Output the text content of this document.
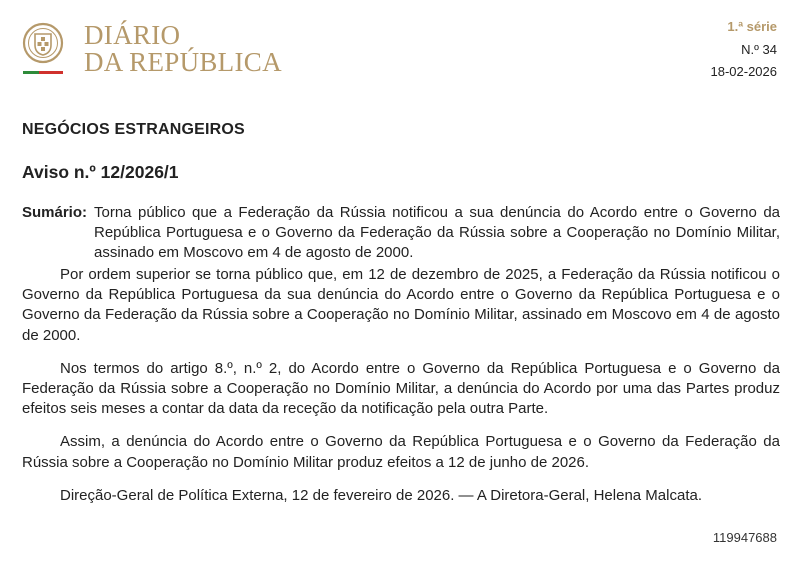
DIÁRIO
DA REPÚBLICA
1.ª série
N.º 34
18-02-2026
NEGÓCIOS ESTRANGEIROS
Aviso n.º 12/2026/1
Sumário: Torna público que a Federação da Rússia notificou a sua denúncia do Acordo entre o Governo da República Portuguesa e o Governo da Federação da Rússia sobre a Cooperação no Domínio Militar, assinado em Moscovo em 4 de agosto de 2000.

Por ordem superior se torna público que, em 12 de dezembro de 2025, a Federação da Rússia notificou o Governo da República Portuguesa da sua denúncia do Acordo entre o Governo da República Portuguesa e o Governo da Federação da Rússia sobre a Cooperação no Domínio Militar, assinado em Moscovo em 4 de agosto de 2000.

Nos termos do artigo 8.º, n.º 2, do Acordo entre o Governo da República Portuguesa e o Governo da Federação da Rússia sobre a Cooperação no Domínio Militar, a denúncia do Acordo por uma das Partes produz efeitos seis meses a contar da data da receção da notificação pela outra Parte.

Assim, a denúncia do Acordo entre o Governo da República Portuguesa e o Governo da Federação da Rússia sobre a Cooperação no Domínio Militar produz efeitos a 12 de junho de 2026.

Direção-Geral de Política Externa, 12 de fevereiro de 2026. — A Diretora-Geral, Helena Malcata.

119947688
